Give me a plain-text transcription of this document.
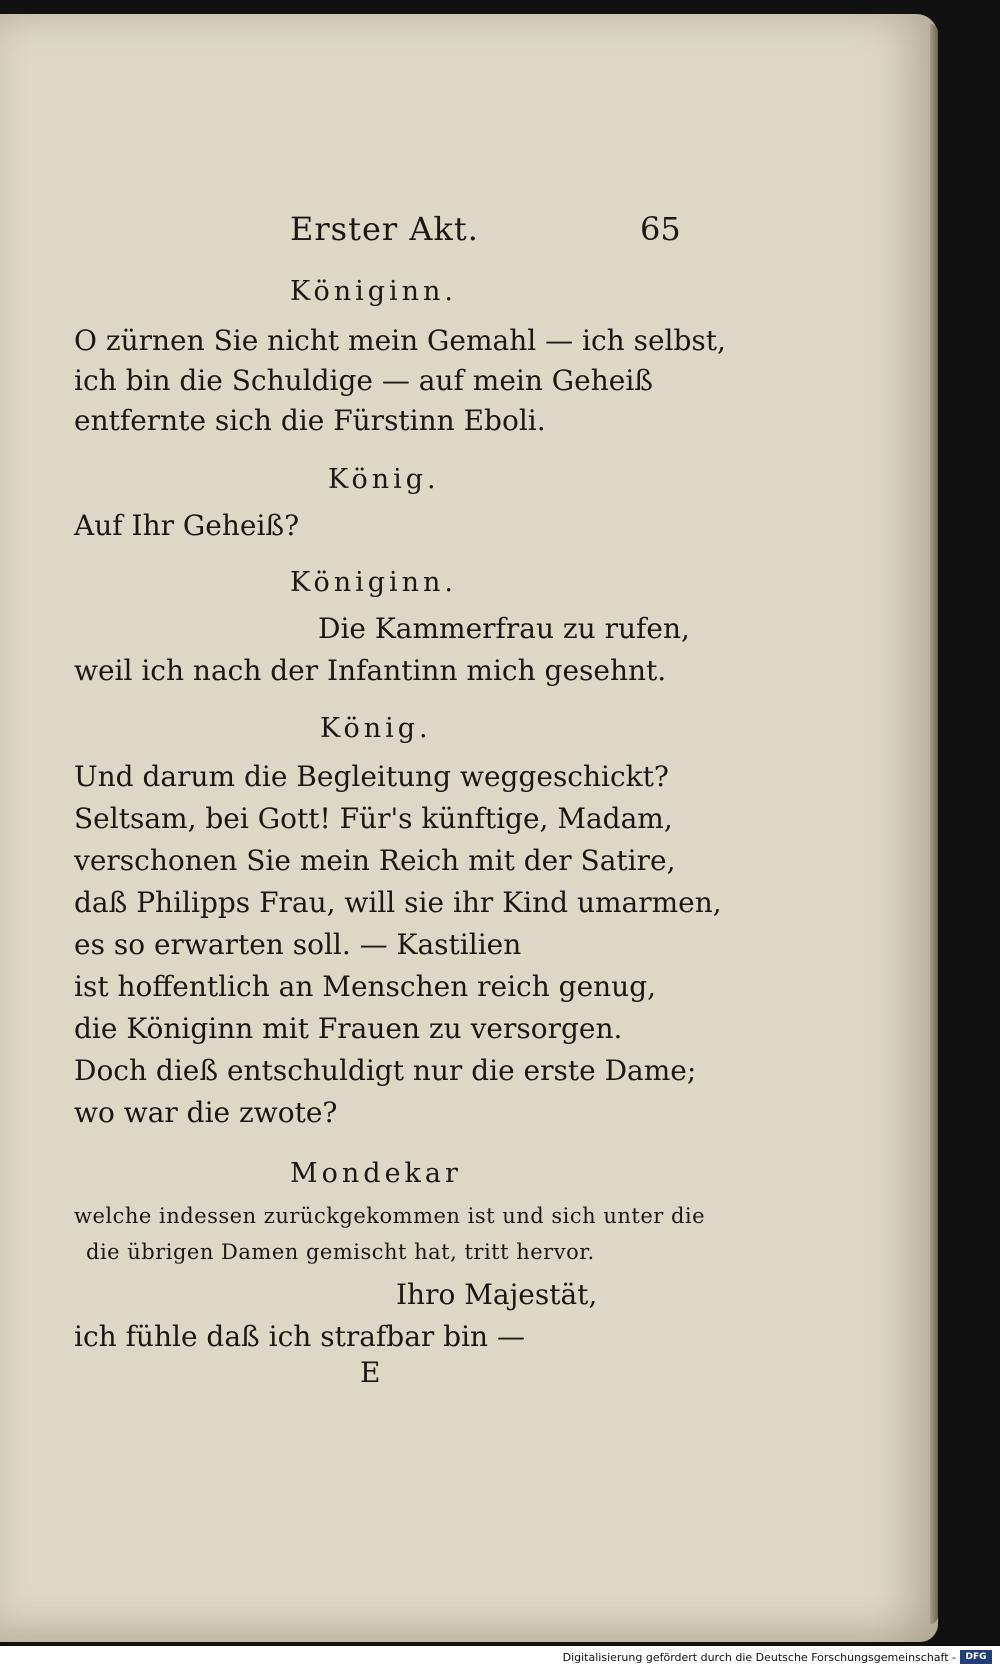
Erster Akt.	65
Königinn.
O zürnen Sie nicht mein Gemahl — ich selbst,
ich bin die Schuldige — auf mein Geheiß
entfernte sich die Fürstinn Eboli.
König.
Auf Ihr Geheiß?
Königinn.
Die Kammerfrau zu rufen,
weil ich nach der Infantinn mich gesehnt.
König.
Und darum die Begleitung weggeschickt?
Seltsam, bei Gott! Für's künftige, Madam,
verschonen Sie mein Reich mit der Satire,
daß Philipps Frau, will sie ihr Kind umarmen,
es so erwarten soll. — Kastilien
ist hoffentlich an Menschen reich genug,
die Königinn mit Frauen zu versorgen.
Doch dieß entschuldigt nur die erste Dame;
wo war die zwote?
Mondekar
welche indessen zurückgekommen ist und sich unter die
die übrigen Damen gemischt hat, tritt hervor.
Ihro Majestät,
ich fühle daß ich strafbar bin —
E
Digitalisierung gefördert durch die Deutsche Forschungsgemeinschaft -	DFG
